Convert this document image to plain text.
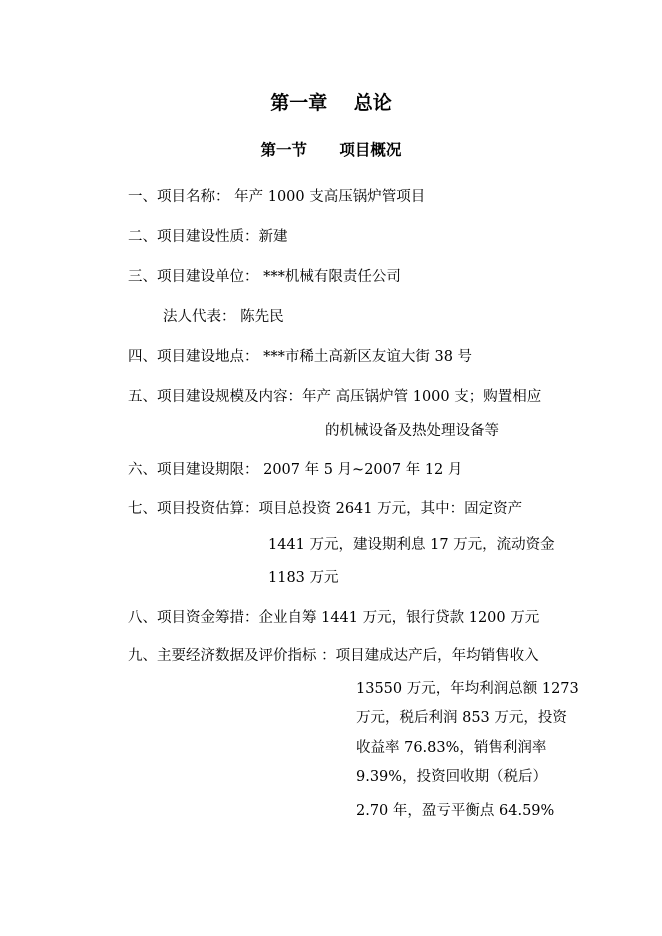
第一章    总论
第一节      项目概况
一、项目名称： 年产 1000 支高压锅炉管项目
二、项目建设性质：新建
三、项目建设单位： ***机械有限责任公司
法人代表： 陈先民
四、项目建设地点： ***市稀土高新区友谊大街 38 号
五、项目建设规模及内容：年产 高压锅炉管 1000 支；购置相应
的机械设备及热处理设备等
六、项目建设期限： 2007 年 5 月~2007 年 12 月
七、项目投资估算：项目总投资 2641 万元，其中：固定资产
1441 万元，建设期利息 17 万元，流动资金
1183 万元
八、项目资金筹措：企业自筹 1441 万元，银行贷款 1200 万元
九、主要经济数据及评价指标 ：项目建成达产后，年均销售收入
13550 万元，年均利润总额 1273
万元，税后利润 853 万元，投资
收益率 76.83%，销售利润率
9.39%，投资回收期（税后）
2.70 年，盈亏平衡点 64.59%
